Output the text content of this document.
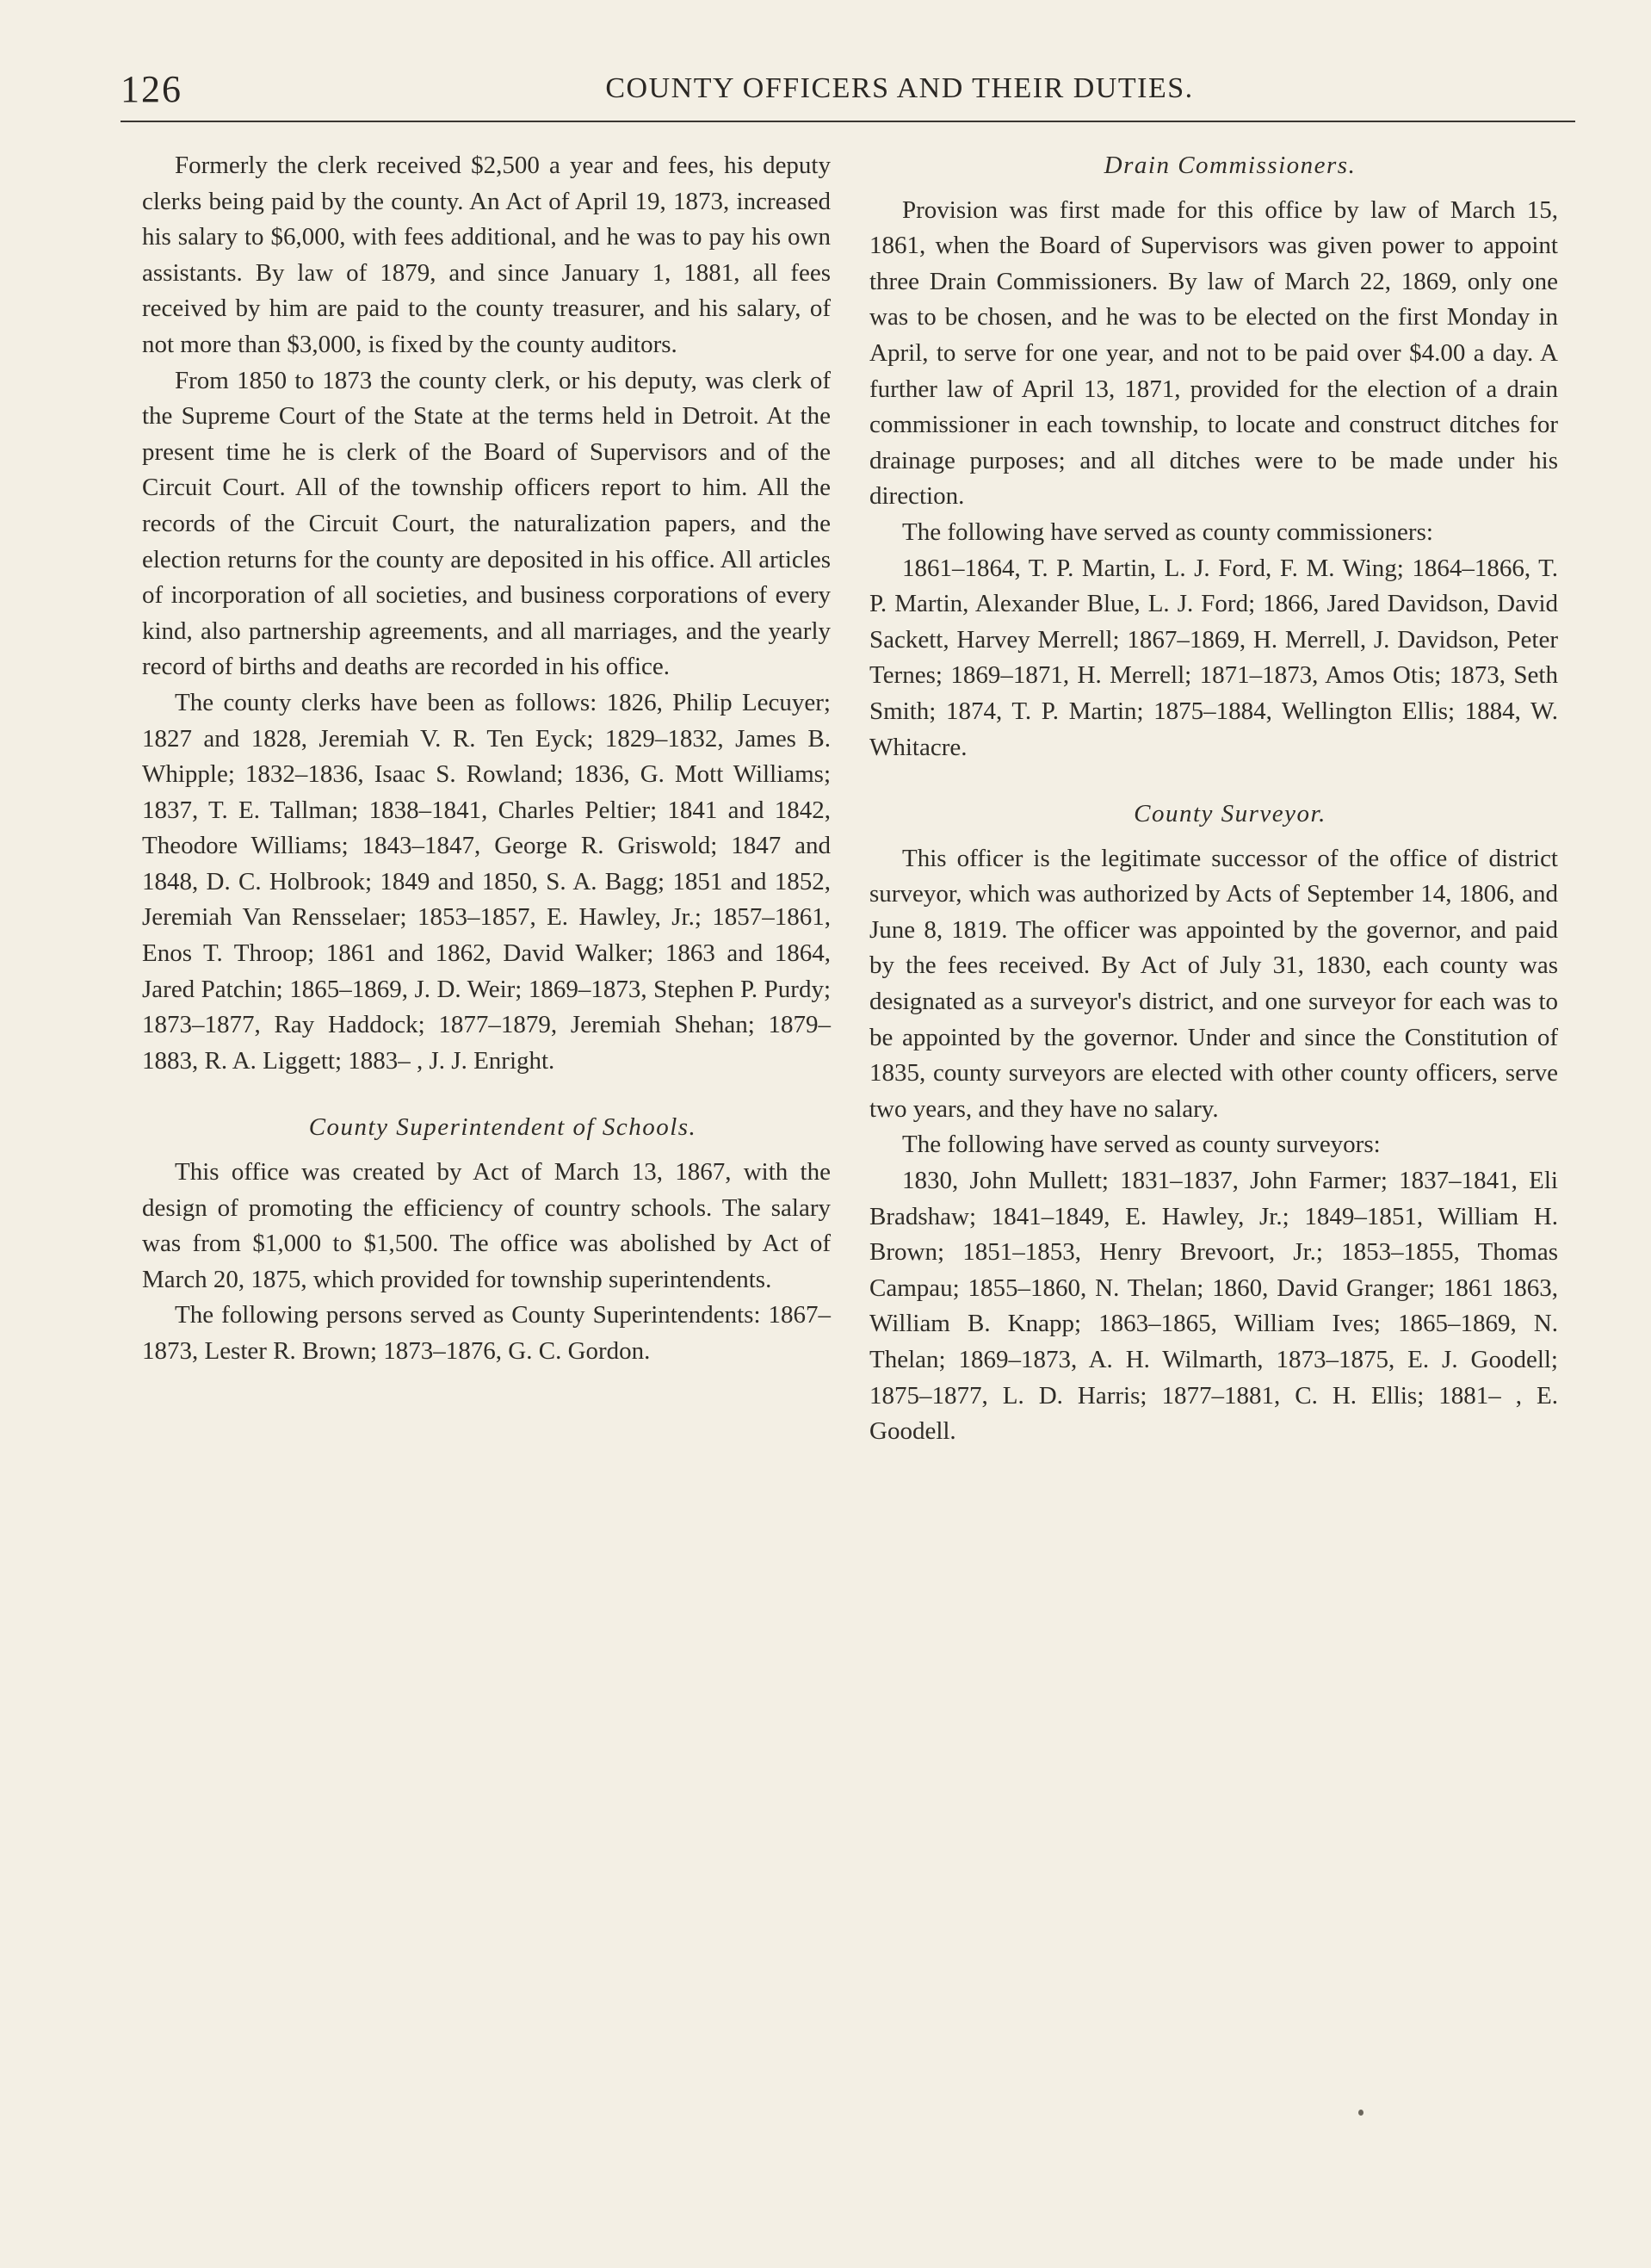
126	COUNTY OFFICERS AND THEIR DUTIES.

Formerly the clerk received $2,500 a year and fees, his deputy clerks being paid by the county. An Act of April 19, 1873, increased his salary to $6,000, with fees additional, and he was to pay his own assistants. By law of 1879, and since January 1, 1881, all fees received by him are paid to the county treasurer, and his salary, of not more than $3,000, is fixed by the county auditors.

From 1850 to 1873 the county clerk, or his deputy, was clerk of the Supreme Court of the State at the terms held in Detroit. At the present time he is clerk of the Board of Supervisors and of the Circuit Court. All of the township officers report to him. All the records of the Circuit Court, the naturalization papers, and the election returns for the county are deposited in his office. All articles of incorporation of all societies, and business corporations of every kind, also partnership agreements, and all marriages, and the yearly record of births and deaths are recorded in his office.

The county clerks have been as follows: 1826, Philip Lecuyer; 1827 and 1828, Jeremiah V. R. Ten Eyck; 1829–1832, James B. Whipple; 1832–1836, Isaac S. Rowland; 1836, G. Mott Williams; 1837, T. E. Tallman; 1838–1841, Charles Peltier; 1841 and 1842, Theodore Williams; 1843–1847, George R. Griswold; 1847 and 1848, D. C. Holbrook; 1849 and 1850, S. A. Bagg; 1851 and 1852, Jeremiah Van Rensselaer; 1853–1857, E. Hawley, Jr.; 1857–1861, Enos T. Throop; 1861 and 1862, David Walker; 1863 and 1864, Jared Patchin; 1865–1869, J. D. Weir; 1869–1873, Stephen P. Purdy; 1873–1877, Ray Haddock; 1877–1879, Jeremiah Shehan; 1879–1883, R. A. Liggett; 1883– , J. J. Enright.

County Superintendent of Schools.

This office was created by Act of March 13, 1867, with the design of promoting the efficiency of country schools. The salary was from $1,000 to $1,500. The office was abolished by Act of March 20, 1875, which provided for township superintendents.

The following persons served as County Superintendents: 1867–1873, Lester R. Brown; 1873–1876, G. C. Gordon.

Drain Commissioners.

Provision was first made for this office by law of March 15, 1861, when the Board of Supervisors was given power to appoint three Drain Commissioners. By law of March 22, 1869, only one was to be chosen, and he was to be elected on the first Monday in April, to serve for one year, and not to be paid over $4.00 a day. A further law of April 13, 1871, provided for the election of a drain commissioner in each township, to locate and construct ditches for drainage purposes; and all ditches were to be made under his direction.

The following have served as county commissioners:

1861–1864, T. P. Martin, L. J. Ford, F. M. Wing; 1864–1866, T. P. Martin, Alexander Blue, L. J. Ford; 1866, Jared Davidson, David Sackett, Harvey Merrell; 1867–1869, H. Merrell, J. Davidson, Peter Ternes; 1869–1871, H. Merrell; 1871–1873, Amos Otis; 1873, Seth Smith; 1874, T. P. Martin; 1875–1884, Wellington Ellis; 1884, W. Whitacre.

County Surveyor.

This officer is the legitimate successor of the office of district surveyor, which was authorized by Acts of September 14, 1806, and June 8, 1819. The officer was appointed by the governor, and paid by the fees received. By Act of July 31, 1830, each county was designated as a surveyor's district, and one surveyor for each was to be appointed by the governor. Under and since the Constitution of 1835, county surveyors are elected with other county officers, serve two years, and they have no salary.

The following have served as county surveyors:

1830, John Mullett; 1831–1837, John Farmer; 1837–1841, Eli Bradshaw; 1841–1849, E. Hawley, Jr.; 1849–1851, William H. Brown; 1851–1853, Henry Brevoort, Jr.; 1853–1855, Thomas Campau; 1855–1860, N. Thelan; 1860, David Granger; 1861 1863, William B. Knapp; 1863–1865, William Ives; 1865–1869, N. Thelan; 1869–1873, A. H. Wilmarth, 1873–1875, E. J. Goodell; 1875–1877, L. D. Harris; 1877–1881, C. H. Ellis; 1881– , E. Goodell.
